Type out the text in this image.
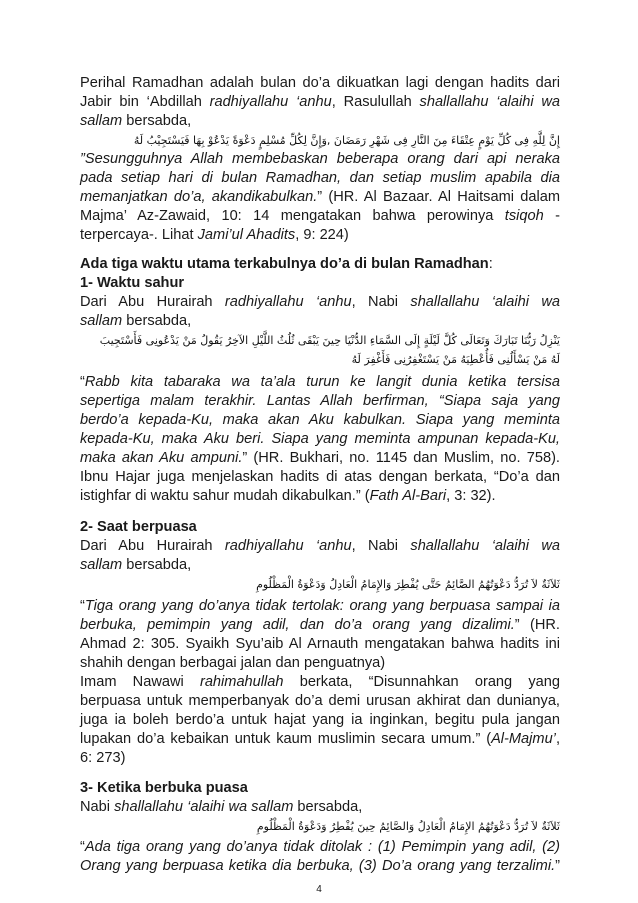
Perihal Ramadhan adalah bulan do’a dikuatkan lagi dengan hadits dari

Jabir bin ‘Abdillah radhiyallahu ‘anhu, Rasulullah shallallahu ‘alaihi wa

sallam bersabda,

إِنَّ لِلَّهِ فِى كُلِّ يَوْمٍ عِتْقَاءَ مِنَ النَّارِ فِى شَهْرِ رَمَضَانَ ,وَإِنَّ لِكُلِّ مُسْلِمٍ دَعْوَةً يَدْعُوْ بِهَا فَيَسْتَجِيْبُ لَهُ

”Sesungguhnya Allah membebaskan beberapa orang dari api neraka

pada setiap hari di bulan Ramadhan, dan setiap muslim apabila dia

memanjatkan do’a, akandikabulkan.” (HR. Al Bazaar. Al Haitsami dalam

Majma’ Az-Zawaid, 10: 14 mengatakan bahwa perowinya tsiqoh -

terpercaya-. Lihat Jami’ul Ahadits, 9: 224)

Ada tiga waktu utama terkabulnya do’a di bulan Ramadhan:

1- Waktu sahur

Dari Abu Hurairah radhiyallahu ‘anhu, Nabi shallallahu ‘alaihi wa

sallam bersabda,

يَنْزِلُ رَبُّنَا تَبَارَكَ وَتَعَالَى كُلَّ لَيْلَةٍ إِلَى السَّمَاءِ الدُّنْيَا حِينَ يَبْقَى ثُلُثُ اللَّيْلِ الآخِرُ يَقُولُ مَنْ يَدْعُونِى فَأَسْتَجِيبَ

لَهُ مَنْ يَسْأَلُنِى فَأُعْطِيَهُ مَنْ يَسْتَغْفِرُنِى فَأَغْفِرَ لَهُ

“Rabb kita tabaraka wa ta’ala turun ke langit dunia ketika tersisa

sepertiga malam terakhir. Lantas Allah berfirman, “Siapa saja yang

berdo’a kepada-Ku, maka akan Aku kabulkan. Siapa yang meminta

kepada-Ku, maka Aku beri. Siapa yang meminta ampunan kepada-Ku,

maka akan Aku ampuni.” (HR. Bukhari, no. 1145 dan Muslim, no. 758).

Ibnu Hajar juga menjelaskan hadits di atas dengan berkata, “Do’a dan

istighfar di waktu sahur mudah dikabulkan.” (Fath Al-Bari, 3: 32).

2- Saat berpuasa

Dari Abu Hurairah radhiyallahu ‘anhu, Nabi shallallahu ‘alaihi wa

sallam bersabda,

ثَلاَثَةٌ لاَ تُرَدُّ دَعْوَتُهُمُ الصَّائِمُ حَتَّى يُفْطِرَ وَالإِمَامُ الْعَادِلُ وَدَعْوَةُ الْمَظْلُومِ

“Tiga orang yang do’anya tidak tertolak: orang yang berpuasa sampai ia

berbuka, pemimpin yang adil, dan do’a orang yang dizalimi.” (HR.

Ahmad 2: 305. Syaikh Syu’aib Al Arnauth mengatakan bahwa hadits ini

shahih dengan berbagai jalan dan penguatnya)

Imam Nawawi rahimahullah berkata, “Disunnahkan orang yang

berpuasa untuk memperbanyak do’a demi urusan akhirat dan dunianya,

juga ia boleh berdo’a untuk hajat yang ia inginkan, begitu pula jangan

lupakan do’a kebaikan untuk kaum muslimin secara umum.” (Al-Majmu’,

6: 273)

3- Ketika berbuka puasa

Nabi shallallahu ‘alaihi wa sallam bersabda,

ثَلاَثَةٌ لاَ تُرَدُّ دَعْوَتُهُمُ الإِمَامُ الْعَادِلُ وَالصَّائِمُ حِينَ يُفْطِرُ وَدَعْوَةُ الْمَظْلُومِ

“Ada tiga orang yang do’anya tidak ditolak : (1) Pemimpin yang adil, (2)

Orang yang berpuasa ketika dia berbuka, (3) Do’a orang yang terzalimi.”

4
